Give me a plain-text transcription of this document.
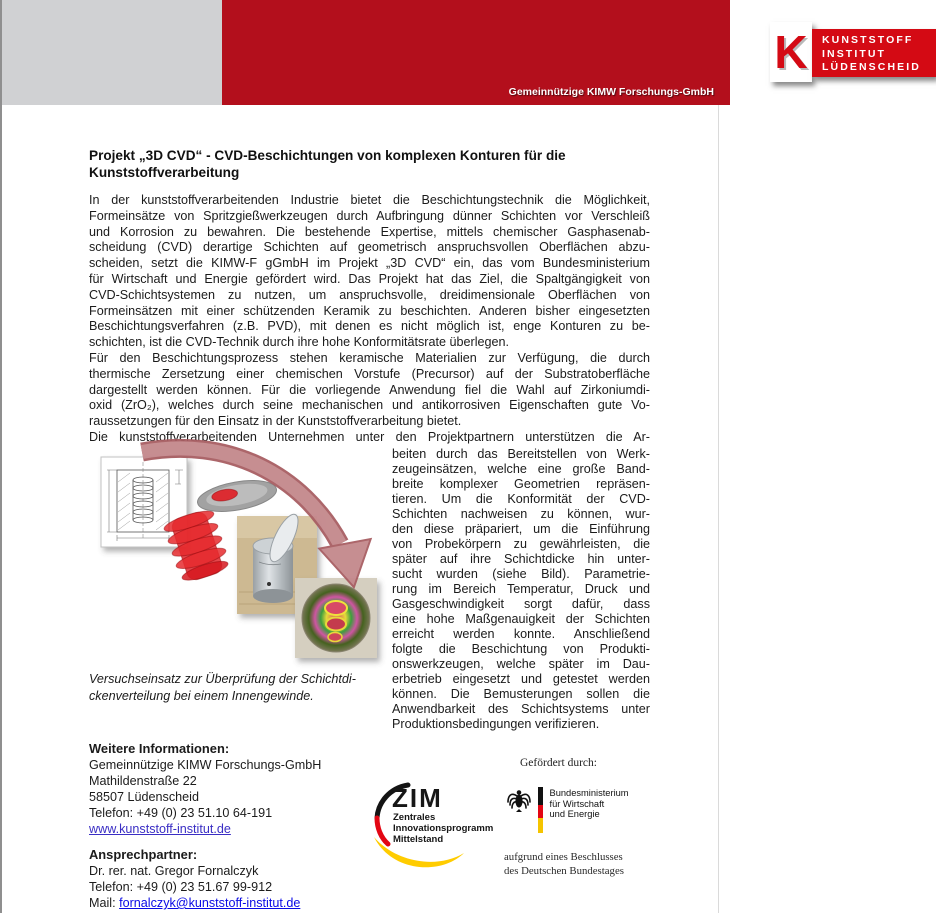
K KUNSTSTOFF
INSTITUT
LÜDENSCHEID
Gemeinnützige KIMW Forschungs-GmbH
Projekt „3D CVD“ - CVD-Beschichtungen von komplexen Konturen für die Kunststoffverarbeitung
In der kunststoffverarbeitenden Industrie bietet die Beschichtungstechnik die Möglichkeit,
Formeinsätze von Spritzgießwerkzeugen durch Aufbringung dünner Schichten vor Verschleiß
und Korrosion zu bewahren. Die bestehende Expertise, mittels chemischer Gasphasenab-
scheidung (CVD) derartige Schichten auf geometrisch anspruchsvollen Oberflächen abzu-
scheiden, setzt die KIMW-F gGmbH im Projekt „3D CVD“ ein, das vom Bundesministerium
für Wirtschaft und Energie gefördert wird. Das Projekt hat das Ziel, die Spaltgängigkeit von
CVD-Schichtsystemen zu nutzen, um anspruchsvolle, dreidimensionale Oberflächen von
Formeinsätzen mit einer schützenden Keramik zu beschichten. Anderen bisher eingesetzten
Beschichtungsverfahren (z.B. PVD), mit denen es nicht möglich ist, enge Konturen zu be-
schichten, ist die CVD-Technik durch ihre hohe Konformitätsrate überlegen.
Für den Beschichtungsprozess stehen keramische Materialien zur Verfügung, die durch
thermische Zersetzung einer chemischen Vorstufe (Precursor) auf der Substratoberfläche
dargestellt werden können. Für die vorliegende Anwendung fiel die Wahl auf Zirkoniumdi-
oxid (ZrO₂), welches durch seine mechanischen und antikorrosiven Eigenschaften gute Vo-
raussetzungen für den Einsatz in der Kunststoffverarbeitung bietet.
Die kunststoffverarbeitenden Unternehmen unter den Projektpartnern unterstützen die Ar-
beiten durch das Bereitstellen von Werk-
zeugeinsätzen, welche eine große Band-
breite komplexer Geometrien repräsen-
tieren. Um die Konformität der CVD-
Schichten nachweisen zu können, wur-
den diese präpariert, um die Einführung
von Probekörpern zu gewährleisten, die
später auf ihre Schichtdicke hin unter-
sucht wurden (siehe Bild). Parametrie-
rung im Bereich Temperatur, Druck und
Gasgeschwindigkeit sorgt dafür, dass
eine hohe Maßgenauigkeit der Schichten
erreicht werden konnte. Anschließend
folgte die Beschichtung von Produkti-
onswerkzeugen, welche später im Dau-
erbetrieb eingesetzt und getestet werden
können. Die Bemusterungen sollen die
Anwendbarkeit des Schichtsystems unter
Produktionsbedingungen verifizieren.
Versuchseinsatz zur Überprüfung der Schichtdi-
ckenverteilung bei einem Innengewinde.
Weitere Informationen:
Gemeinnützige KIMW Forschungs-GmbH
Mathildenstraße 22
58507 Lüdenscheid
Telefon: +49 (0) 23 51.10 64-191
www.kunststoff-institut.de
Ansprechpartner:
Dr. rer. nat. Gregor Fornalczyk
Telefon: +49 (0) 23 51.67 99-912
Mail: fornalczyk@kunststoff-institut.de
ZIM
Zentrales
Innovationsprogramm
Mittelstand
Gefördert durch:
Bundesministerium
für Wirtschaft
und Energie
aufgrund eines Beschlusses
des Deutschen Bundestages
